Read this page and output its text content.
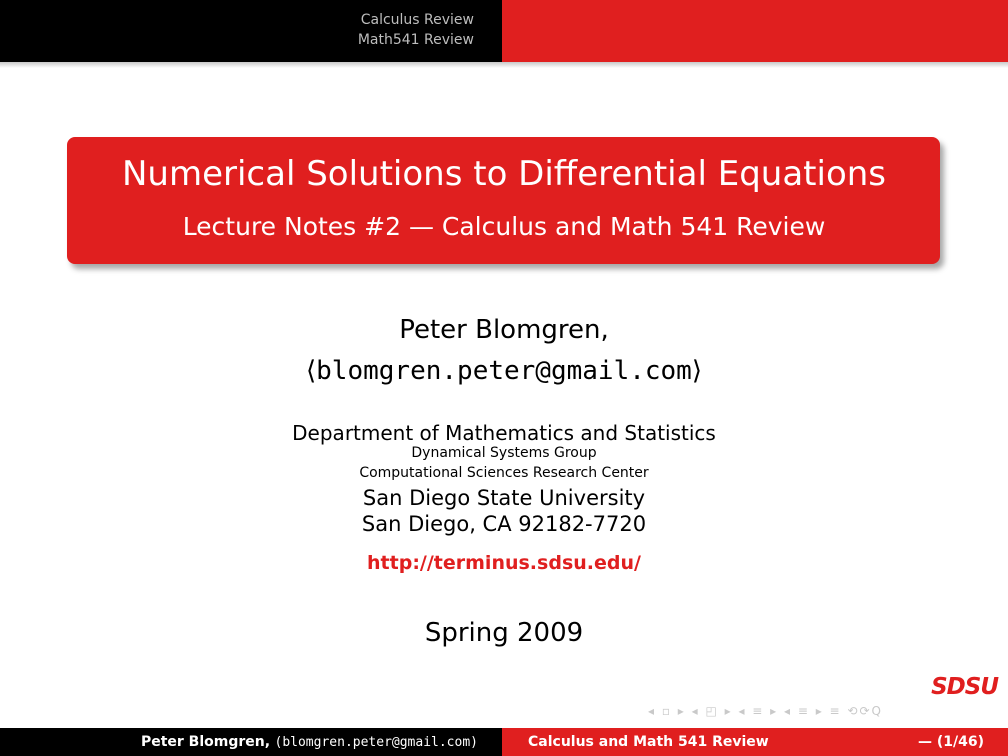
Calculus Review
Math541 Review
Numerical Solutions to Differential Equations
Lecture Notes #2 — Calculus and Math 541 Review
Peter Blomgren,
⟨blomgren.peter@gmail.com⟩
Department of Mathematics and Statistics
Dynamical Systems Group
Computational Sciences Research Center
San Diego State University
San Diego, CA 92182-7720
http://terminus.sdsu.edu/
Spring 2009
SDSU
◂ ▫ ▸ ◂ ◰ ▸ ◂ ≡ ▸ ◂ ≡ ▸ ≡ ⟲⟳Q
Peter Blomgren, (blomgren.peter@gmail.com)	Calculus and Math 541 Review	— (1/46)
